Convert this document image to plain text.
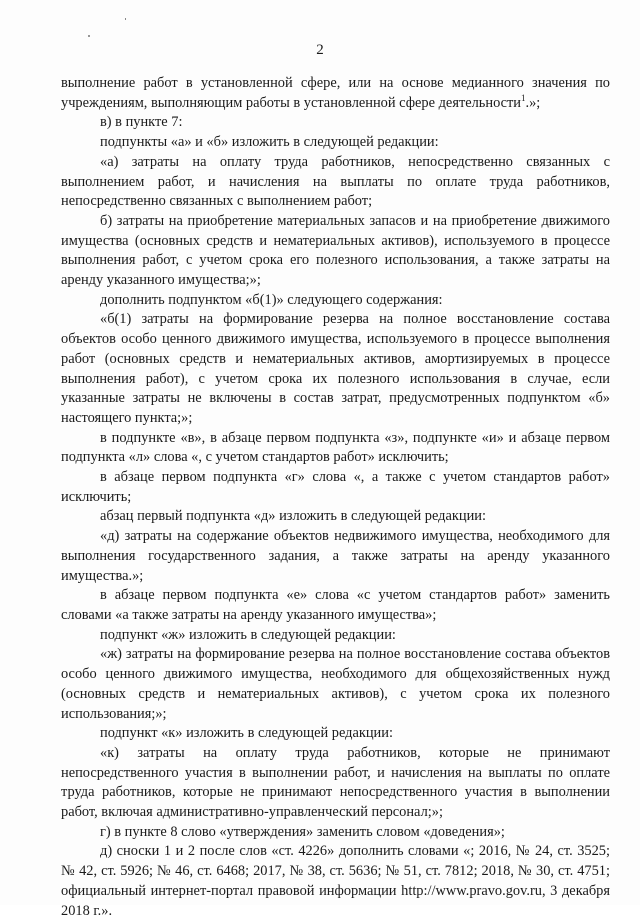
2

выполнение работ в установленной сфере, или на основе медианного значения по учреждениям, выполняющим работы в установленной сфере деятельности$^1$.»;

в) в пункте 7:

подпункты «а» и «б» изложить в следующей редакции:

«а) затраты на оплату труда работников, непосредственно связанных с выполнением работ, и начисления на выплаты по оплате труда работников, непосредственно связанных с выполнением работ;

б) затраты на приобретение материальных запасов и на приобретение движимого имущества (основных средств и нематериальных активов), используемого в процессе выполнения работ, с учетом срока его полезного использования, а также затраты на аренду указанного имущества;»;

дополнить подпунктом «б(1)» следующего содержания:

«б(1) затраты на формирование резерва на полное восстановление состава объектов особо ценного движимого имущества, используемого в процессе выполнения работ (основных средств и нематериальных активов, амортизируемых в процессе выполнения работ), с учетом срока их полезного использования в случае, если указанные затраты не включены в состав затрат, предусмотренных подпунктом «б» настоящего пункта;»;

в подпункте «в», в абзаце первом подпункта «з», подпункте «и» и абзаце первом подпункта «л» слова «, с учетом стандартов работ» исключить;

в абзаце первом подпункта «г» слова «, а также с учетом стандартов работ» исключить;

абзац первый подпункта «д» изложить в следующей редакции:

«д) затраты на содержание объектов недвижимого имущества, необходимого для выполнения государственного задания, а также затраты на аренду указанного имущества.»;

в абзаце первом подпункта «е» слова «с учетом стандартов работ» заменить словами «а также затраты на аренду указанного имущества»;

подпункт «ж» изложить в следующей редакции:

«ж) затраты на формирование резерва на полное восстановление состава объектов особо ценного движимого имущества, необходимого для общехозяйственных нужд (основных средств и нематериальных активов), с учетом срока их полезного использования;»;

подпункт «к» изложить в следующей редакции:

«к) затраты на оплату труда работников, которые не принимают непосредственного участия в выполнении работ, и начисления на выплаты по оплате труда работников, которые не принимают непосредственного участия в выполнении работ, включая административно-управленческий персонал;»;

г) в пункте 8 слово «утверждения» заменить словом «доведения»;

д) сноски 1 и 2 после слов «ст. 4226» дополнить словами «; 2016, № 24, ст. 3525; № 42, ст. 5926; № 46, ст. 6468; 2017, № 38, ст. 5636; № 51, ст. 7812; 2018, № 30, ст. 4751; официальный интернет-портал правовой информации http://www.pravo.gov.ru, 3 декабря 2018 г.».
